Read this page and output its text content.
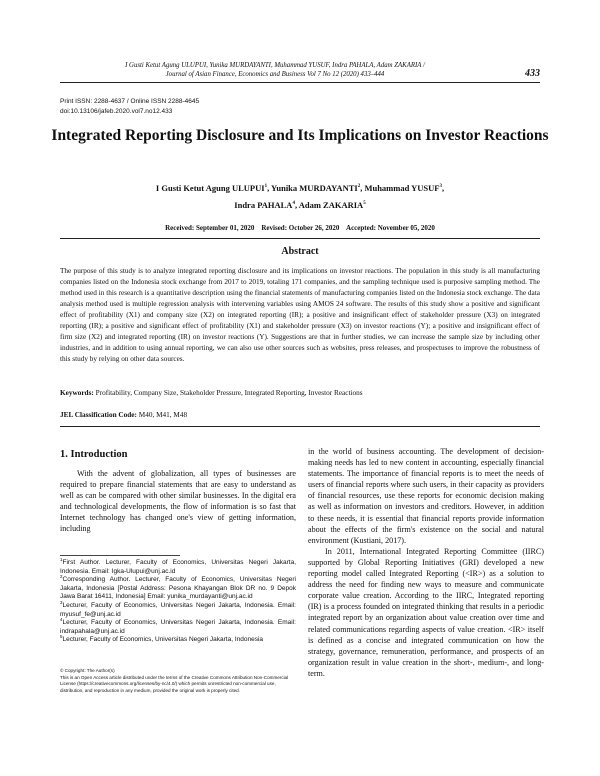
I Gusti Ketut Agung ULUPUI, Yunika MURDAYANTI, Muhammad YUSUF, Indra PAHALA, Adam ZAKARIA /
Journal of Asian Finance, Economics and Business Vol 7 No 12 (2020) 433–444	433
Print ISSN: 2288-4637 / Online ISSN 2288-4645
doi:10.13106/jafeb.2020.vol7.no12.433
Integrated Reporting Disclosure and Its Implications on Investor Reactions
I Gusti Ketut Agung ULUPUI$^1$, Yunika MURDAYANTI$^2$, Muhammad YUSUF$^3$,
Indra PAHALA$^4$, Adam ZAKARIA$^5$
Received: September 01, 2020    Revised: October 26, 2020    Accepted: November 05, 2020
Abstract
The purpose of this study is to analyze integrated reporting disclosure and its implications on investor reactions. The population in this study is all manufacturing companies listed on the Indonesia stock exchange from 2017 to 2019, totaling 171 companies, and the sampling technique used is purposive sampling method. The method used in this research is a quantitative description using the financial statements of manufacturing companies listed on the Indonesia stock exchange. The data analysis method used is multiple regression analysis with intervening variables using AMOS 24 software. The results of this study show a positive and significant effect of profitability (X1) and company size (X2) on integrated reporting (IR); a positive and insignificant effect of stakeholder pressure (X3) on integrated reporting (IR); a positive and significant effect of profitability (X1) and stakeholder pressure (X3) on investor reactions (Y); a positive and insignificant effect of firm size (X2) and integrated reporting (IR) on investor reactions (Y). Suggestions are that in further studies, we can increase the sample size by including other industries, and in addition to using annual reporting, we can also use other sources such as websites, press releases, and prospectuses to improve the robustness of this study by relying on other data sources.
Keywords: Profitability, Company Size, Stakeholder Pressure, Integrated Reporting, Investor Reactions
JEL Classification Code: M40, M41, M48
1. Introduction

With the advent of globalization, all types of businesses are required to prepare financial statements that are easy to understand as well as can be compared with other similar businesses. In the digital era and technological developments, the flow of information is so fast that Internet technology has changed one's view of getting information, including

in the world of business accounting. The development of decision-making needs has led to new content in accounting, especially financial statements. The importance of financial reports is to meet the needs of users of financial reports where such users, in their capacity as providers of financial resources, use these reports for economic decision making as well as information on investors and creditors. However, in addition to these needs, it is essential that financial reports provide information about the effects of the firm's existence on the social and natural environment (Kustiani, 2017).

In 2011, International Integrated Reporting Committee (IIRC) supported by Global Reporting Initiatives (GRI) developed a new reporting model called Integrated Reporting (<IR>) as a solution to address the need for finding new ways to measure and communicate corporate value creation. According to the IIRC, Integrated reporting (IR) is a process founded on integrated thinking that results in a periodic integrated report by an organization about value creation over time and related communications regarding aspects of value creation. <IR> itself is defined as a concise and integrated communication on how the strategy, governance, remuneration, performance, and prospects of an organization result in value creation in the short-, medium-, and long-term.

$^1$First Author. Lecturer, Faculty of Economics, Universitas Negeri Jakarta, Indonesia. Email: Igka-Ulupui@unj.ac.id

$^2$Corresponding Author. Lecturer, Faculty of Economics, Universitas Negeri Jakarta, Indonesia [Postal Address: Pesona Khayangan Blok DR no. 9 Depok Jawa Barat 16411, Indonesia] Email: yunika_murdayanti@unj.ac.id

$^3$Lecturer, Faculty of Economics, Universitas Negeri Jakarta, Indonesia. Email: myusuf_fe@unj.ac.id

$^4$Lecturer, Faculty of Economics, Universitas Negeri Jakarta, Indonesia. Email: indrapahala@unj.ac.id

$^5$Lecturer, Faculty of Economics, Universitas Negeri Jakarta, Indonesia

© Copyright: The Author(s)

This is an Open Access article distributed under the terms of the Creative Commons Attribution Non-Commercial License (https://creativecommons.org/licenses/by-nc/4.0/) which permits unrestricted non-commercial use, distribution, and reproduction in any medium, provided the original work is properly cited.
